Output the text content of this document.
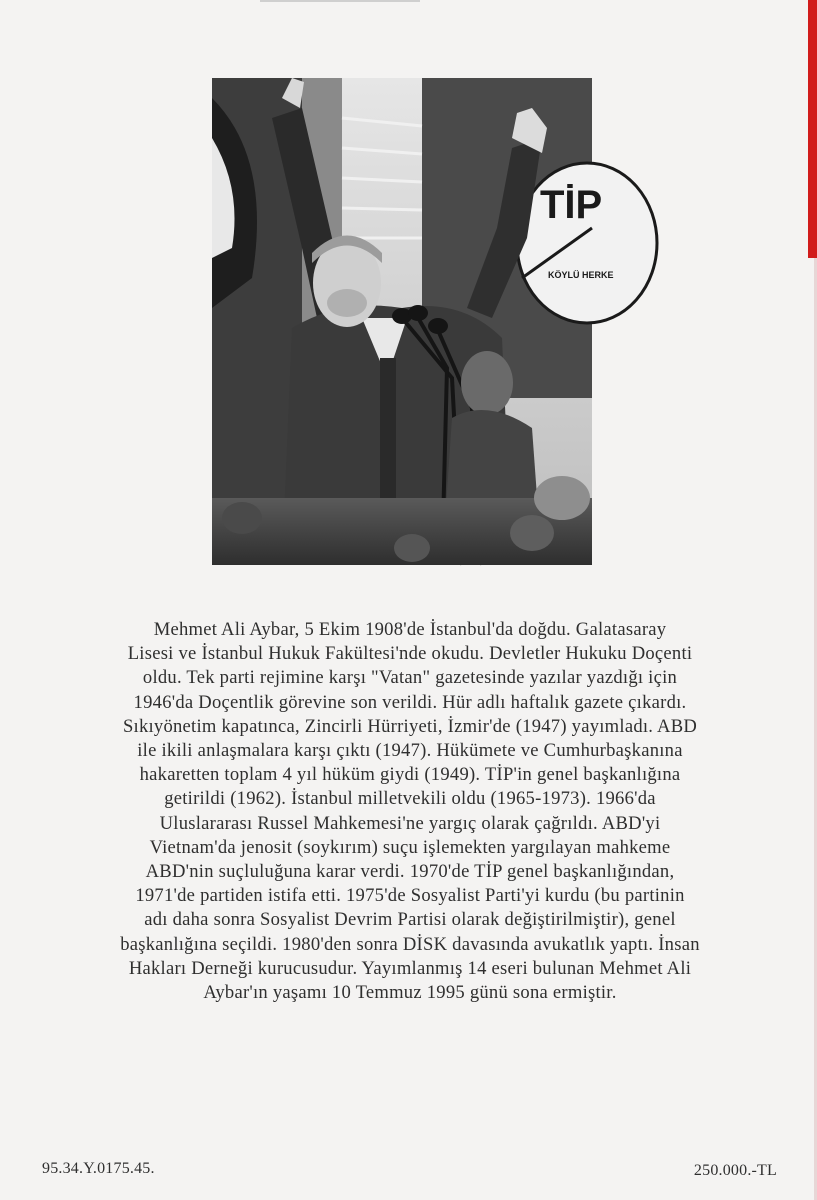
TİP
KÖYLÜ HERKE
Mehmet Ali Aybar, 5 Ekim 1908'de İstanbul'da doğdu. Galatasaray
Lisesi ve İstanbul Hukuk Fakültesi'nde okudu. Devletler Hukuku Doçenti
oldu. Tek parti rejimine karşı "Vatan" gazetesinde yazılar yazdığı için
1946'da Doçentlik görevine son verildi. Hür adlı haftalık gazete çıkardı.
Sıkıyönetim kapatınca, Zincirli Hürriyeti, İzmir'de (1947) yayımladı. ABD
ile ikili anlaşmalara karşı çıktı (1947). Hükümete ve Cumhurbaşkanına
hakaretten toplam 4 yıl hüküm giydi (1949). TİP'in genel başkanlığına
getirildi (1962). İstanbul milletvekili oldu (1965-1973). 1966'da
Uluslararası Russel Mahkemesi'ne yargıç olarak çağrıldı. ABD'yi
Vietnam'da jenosit (soykırım) suçu işlemekten yargılayan mahkeme
ABD'nin suçluluğuna karar verdi. 1970'de TİP genel başkanlığından,
1971'de partiden istifa etti. 1975'de Sosyalist Parti'yi kurdu (bu partinin
adı daha sonra Sosyalist Devrim Partisi olarak değiştirilmiştir), genel
başkanlığına seçildi. 1980'den sonra DİSK davasında avukatlık yaptı. İnsan
Hakları Derneği kurucusudur. Yayımlanmış 14 eseri bulunan Mehmet Ali
Aybar'ın yaşamı 10 Temmuz 1995 günü sona ermiştir.
95.34.Y.0175.45.	250.000.-TL
